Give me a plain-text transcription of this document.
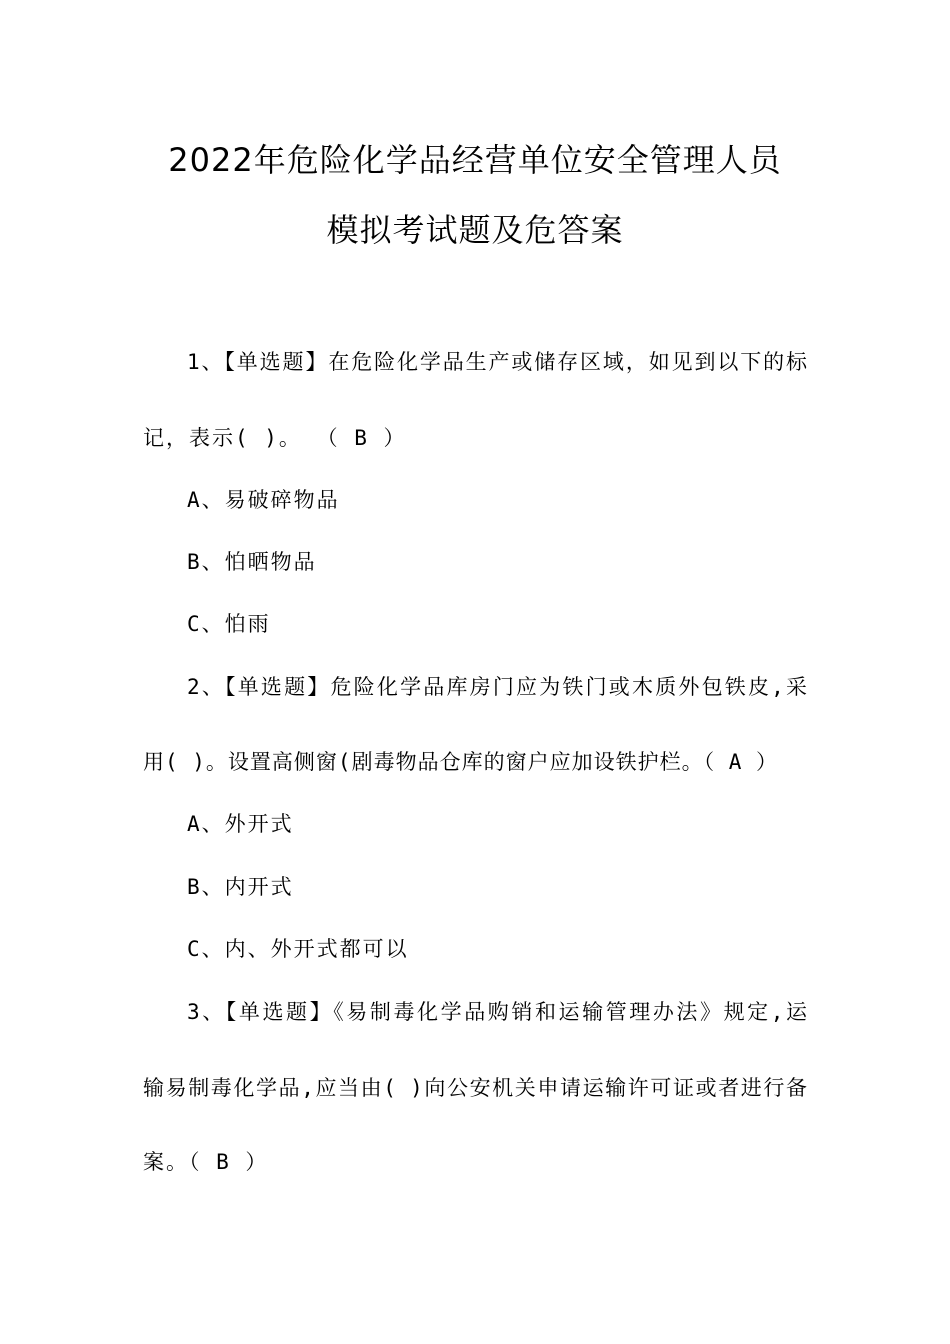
2022年危险化学品经营单位安全管理人员
模拟考试题及危答案
1、【单选题】在危险化学品生产或储存区域，如见到以下的标
记，表示( )。 （ B ）
A、易破碎物品
B、怕晒物品
C、怕雨
2、【单选题】危险化学品库房门应为铁门或木质外包铁皮,采
用( )。设置高侧窗(剧毒物品仓库的窗户应加设铁护栏。（ A ）
A、外开式
B、内开式
C、内、外开式都可以
3、【单选题】《易制毒化学品购销和运输管理办法》规定,运
输易制毒化学品,应当由( )向公安机关申请运输许可证或者进行备
案。（ B ）
